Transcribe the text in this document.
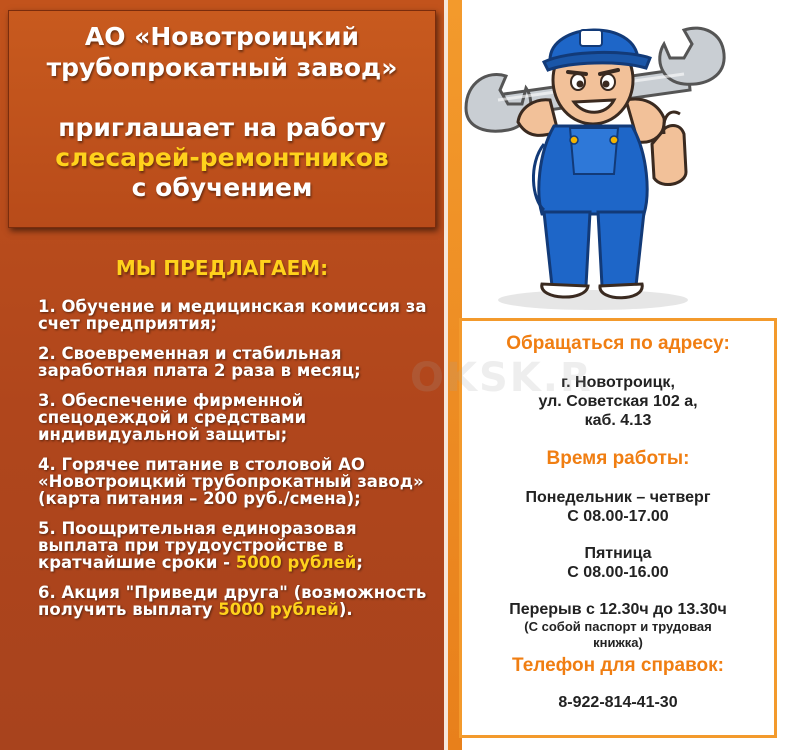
АО «Новотроицкий
трубопрокатный завод»
приглашает на работу
слесарей-ремонтников
с обучением
МЫ ПРЕДЛАГАЕМ:
1. Обучение и медицинская комиссия за счет предприятия;
2. Своевременная и стабильная заработная плата 2 раза в месяц;
3. Обеспечение фирменной спецодеждой и средствами индивидуальной защиты;
4. Горячее питание в столовой АО «Новотроицкий трубопрокатный завод» (карта питания – 200 руб./смена);
5. Поощрительная единоразовая выплата при трудоустройстве в кратчайшие сроки - 5000 рублей;
6. Акция "Приведи друга" (возможность получить выплату 5000 рублей).
Обращаться по адресу:
г. Новотроицк,
ул. Советская 102 а,
каб. 4.13
Время работы:
Понедельник – четверг
С 08.00-17.00
Пятница
С 08.00-16.00
Перерыв с 12.30ч до 13.30ч
(С собой паспорт и трудовая книжка)
Телефон для справок:
8-922-814-41-30
